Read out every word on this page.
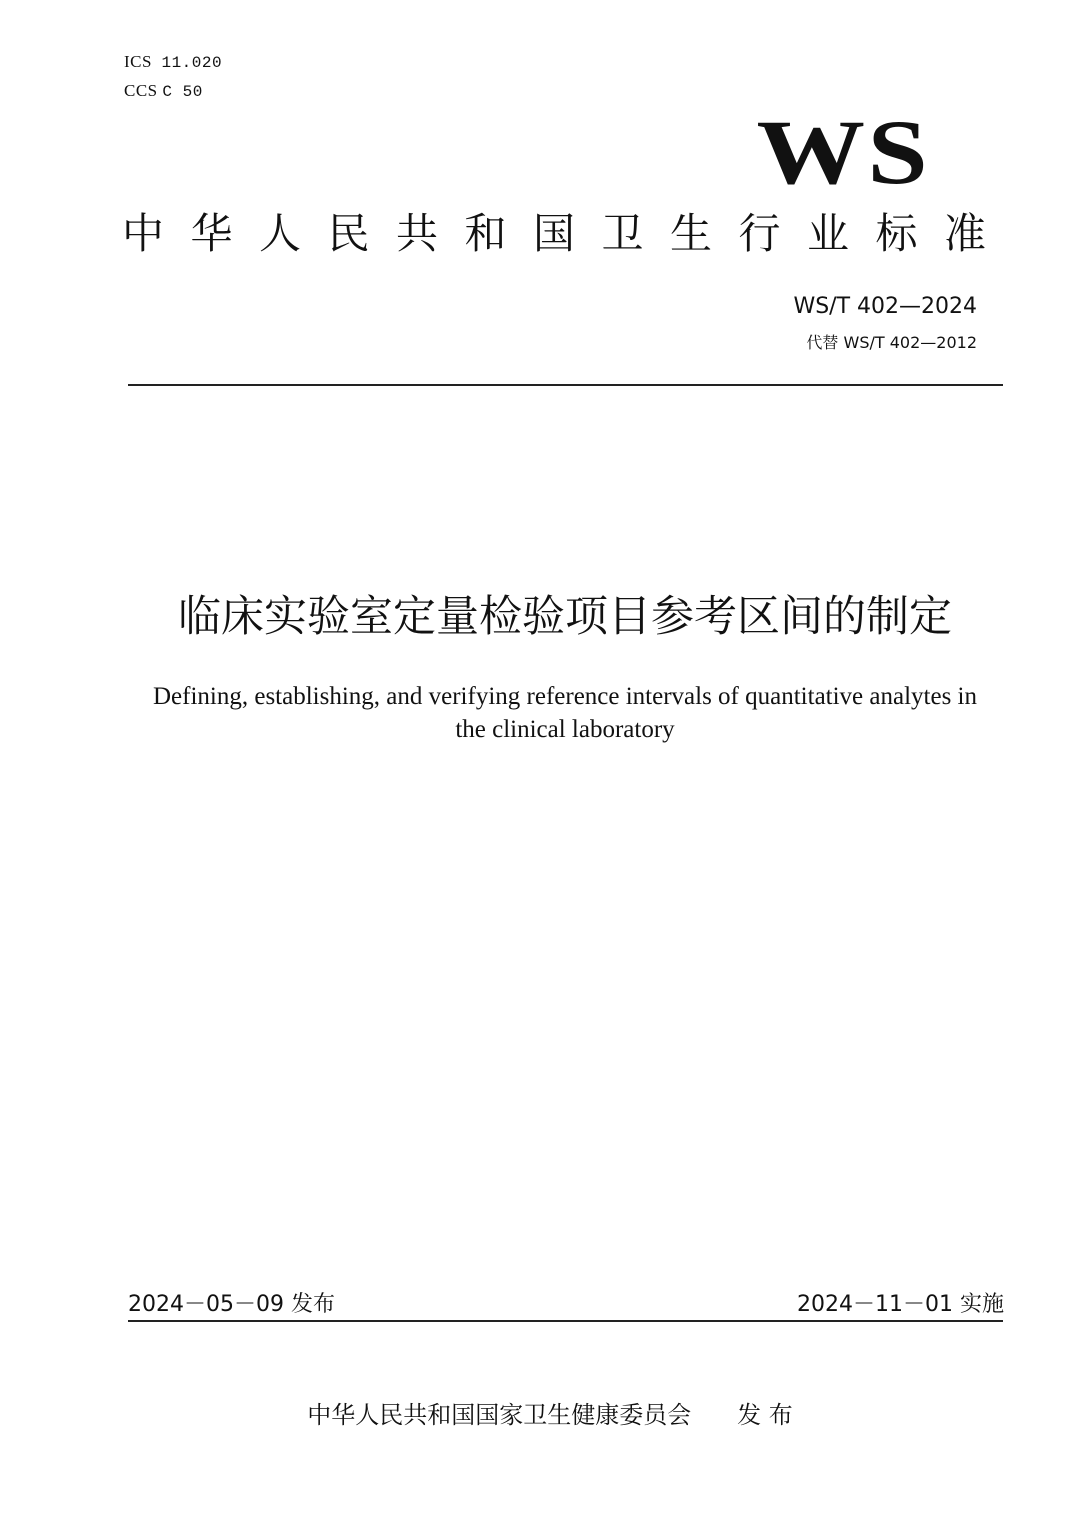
ICS 11.020
CCS C 50
WS
中华人民共和国卫生行业标准
WS/T 402—2024
代替 WS/T 402—2012
临床实验室定量检验项目参考区间的制定
Defining, establishing, and verifying reference intervals of quantitative analytes in the clinical laboratory
2024－05－09 发布	2024－11－01 实施
中华人民共和国国家卫生健康委员会 发 布
